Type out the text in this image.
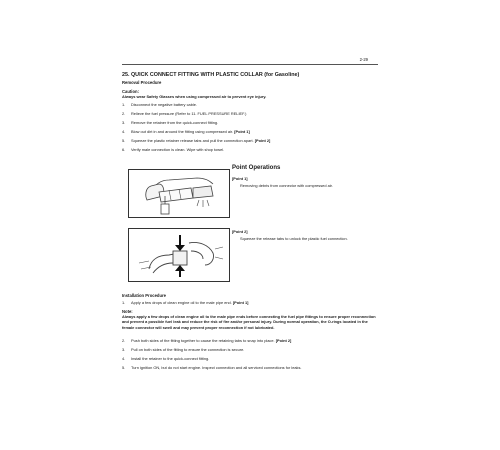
2-29
25. QUICK CONNECT FITTING WITH PLASTIC COLLAR (for Gasoline)
Removal Procedure
Caution:
Always wear Safety Glasses when using compressed air to prevent eye injury.
1. Disconnect the negative battery cable.
2. Relieve the fuel pressure (Refer to 11. FUEL PRESSURE RELIEF.)
3. Remove the retainer from the quick-connect fitting.
4. Blow out dirt in and around the fitting using compressed air. [Point 1]
5. Squeeze the plastic retainer release tabs and pull the connection apart. [Point 2]
6. Verify male connection is clean. Wipe with shop towel.
Point Operations
[Point 1]
Removing debris from connector with compressed air.
[Point 2]
Squeeze the release tabs to unlock the plastic fuel connection.
Installation Procedure
1. Apply a few drops of clean engine oil to the male pipe end. [Point 1]
Note:
Always apply a few drops of clean engine oil to the male pipe ends before connecting the fuel pipe fittings to ensure proper reconnection and prevent a possible fuel leak and reduce the risk of fire and/or personal injury. During normal operation, the O-rings located in the female connector will swell and may prevent proper reconnection if not lubricated.
2. Push both sides of the fitting together to cause the retaining tabs to snap into place. [Point 2]
3. Pull on both sides of the fitting to ensure the connection is secure.
4. Install the retainer to the quick-connect fitting.
5. Turn ignition ON, but do not start engine. Inspect connection and all serviced connections for leaks.
